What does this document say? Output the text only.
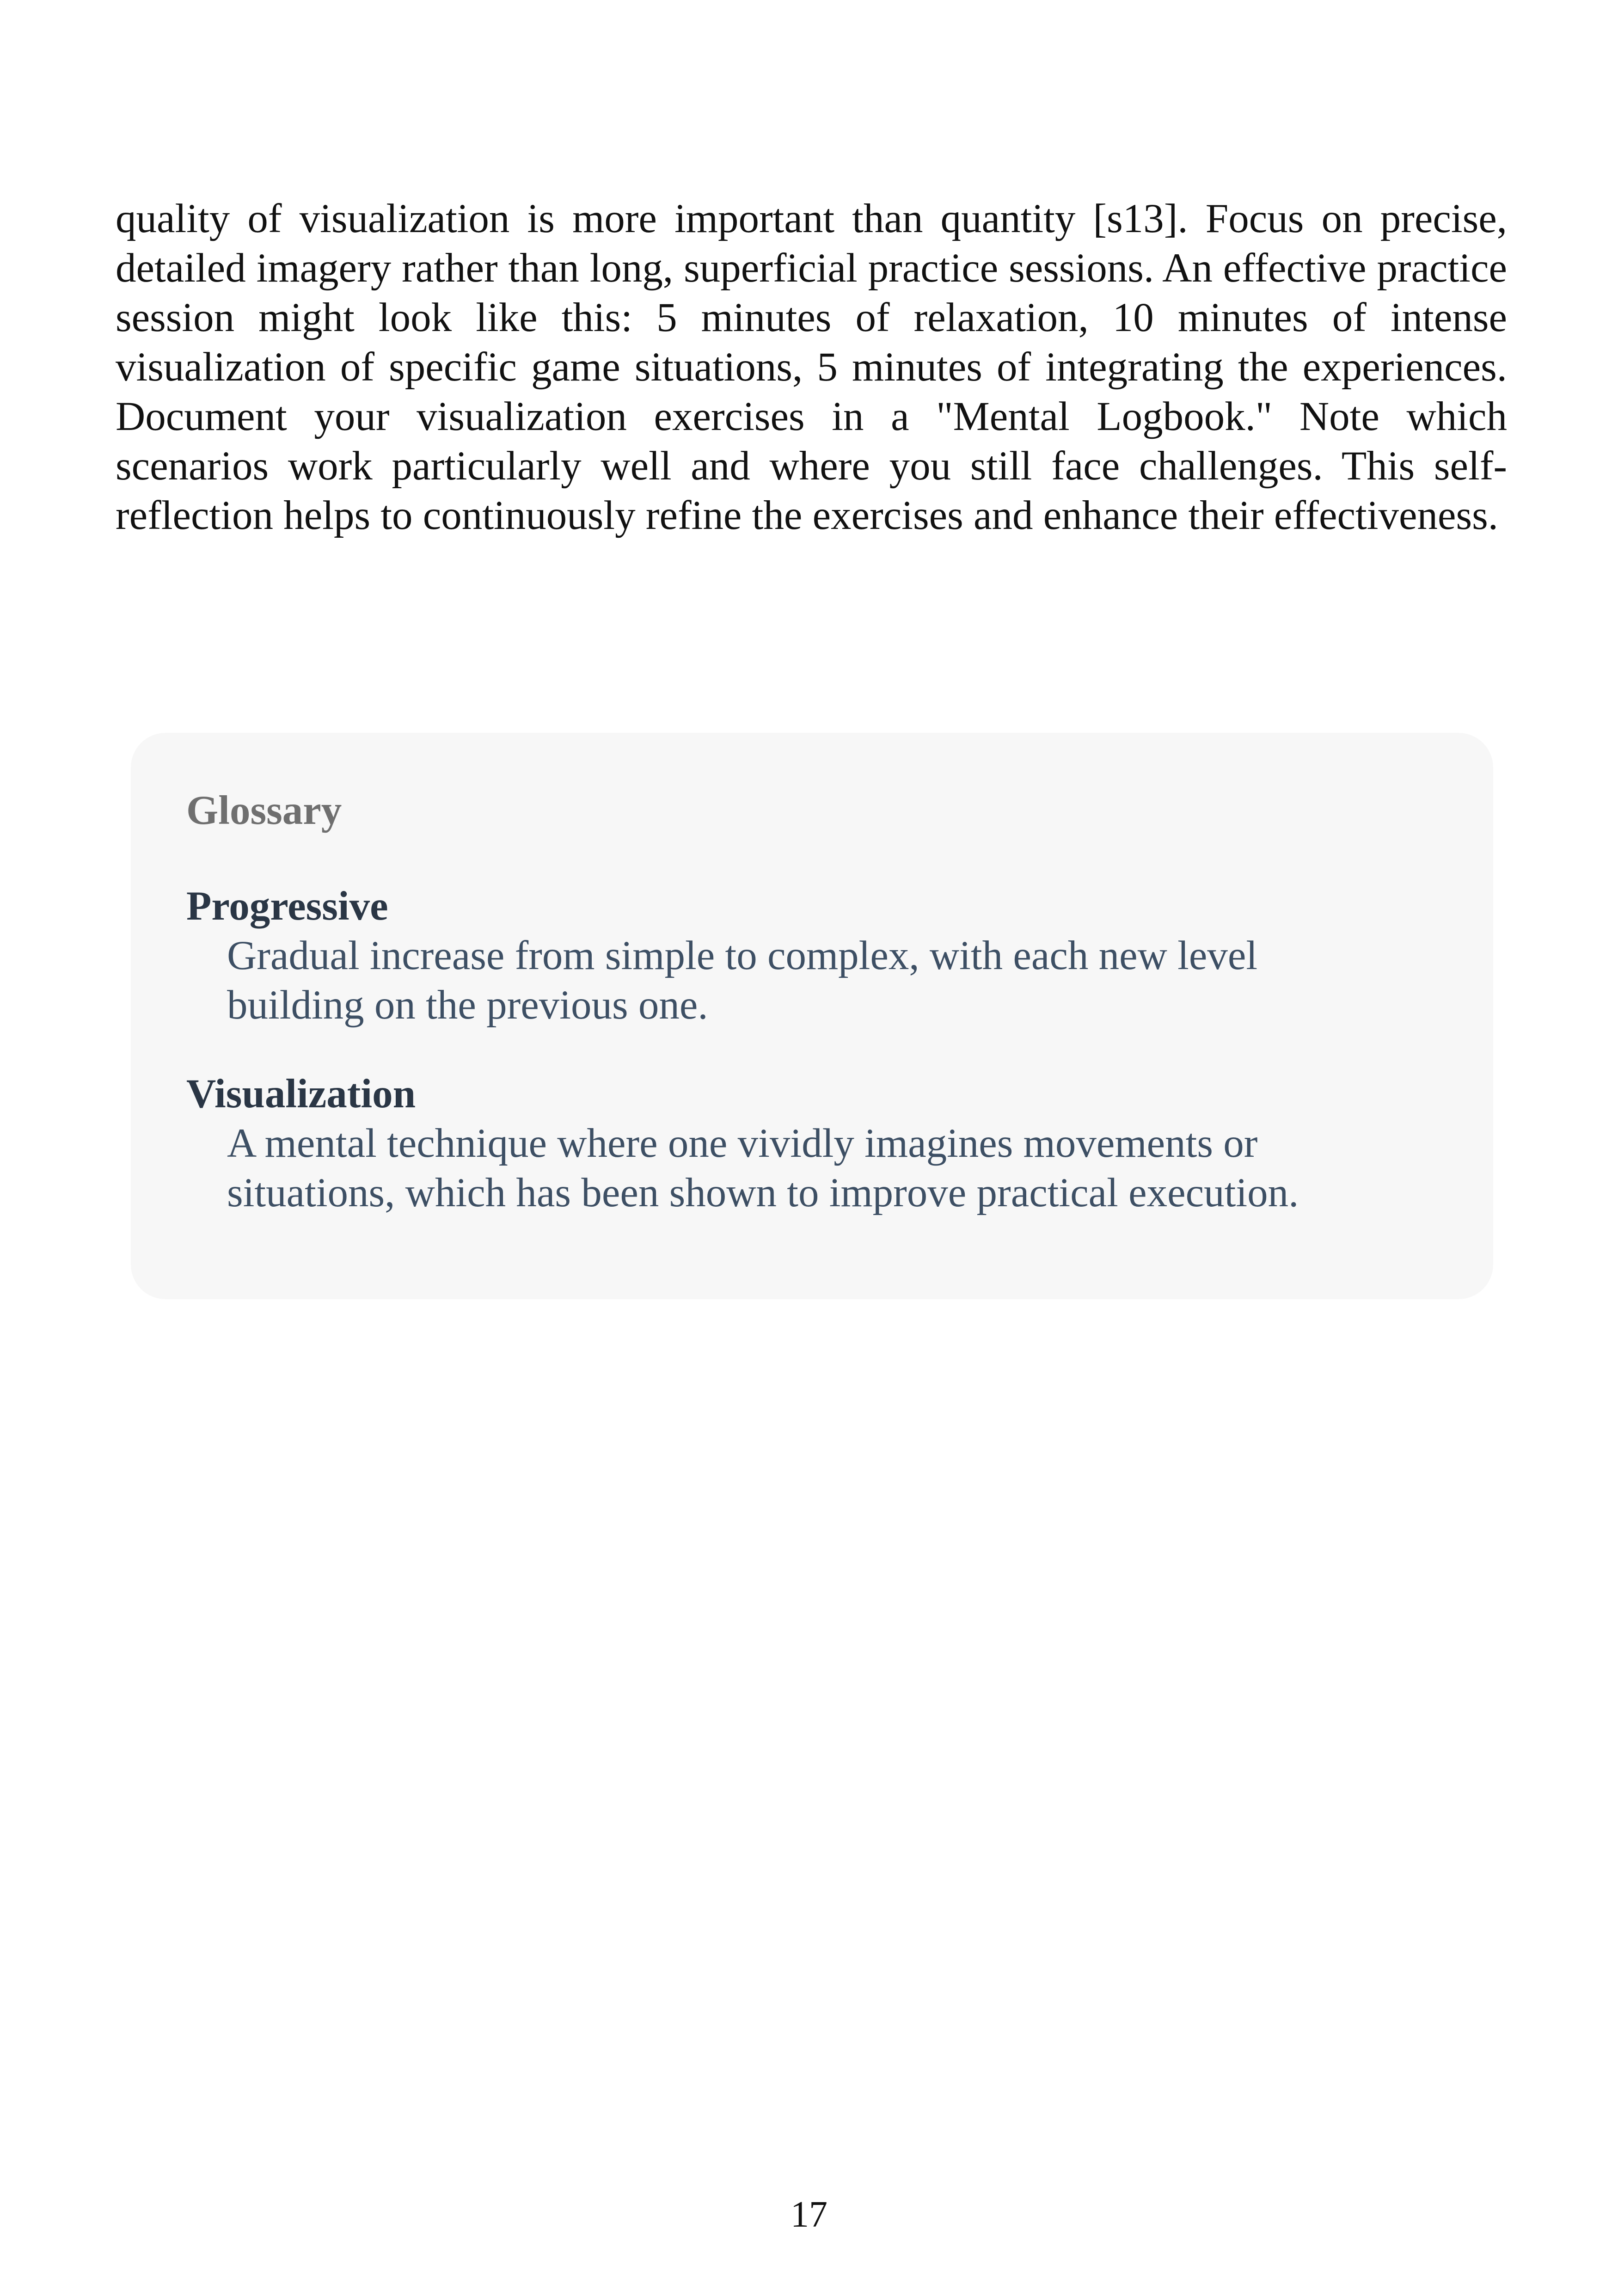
quality of visualization is more important than quantity [s13]. Focus on precise, detailed imagery rather than long, superficial practice sessions. An effective practice session might look like this: 5 minutes of relaxation, 10 minutes of intense visualization of specific game situations, 5 minutes of integrating the experiences. Document your visualization exercises in a "Mental Logbook." Note which scenarios work particularly well and where you still face challenges. This self-reflection helps to continuously refine the exercises and enhance their effectiveness.

Glossary
Progressive
Gradual increase from simple to complex, with each new level building on the previous one.
Visualization
A mental technique where one vividly imagines movements or situations, which has been shown to improve practical execution.
17
